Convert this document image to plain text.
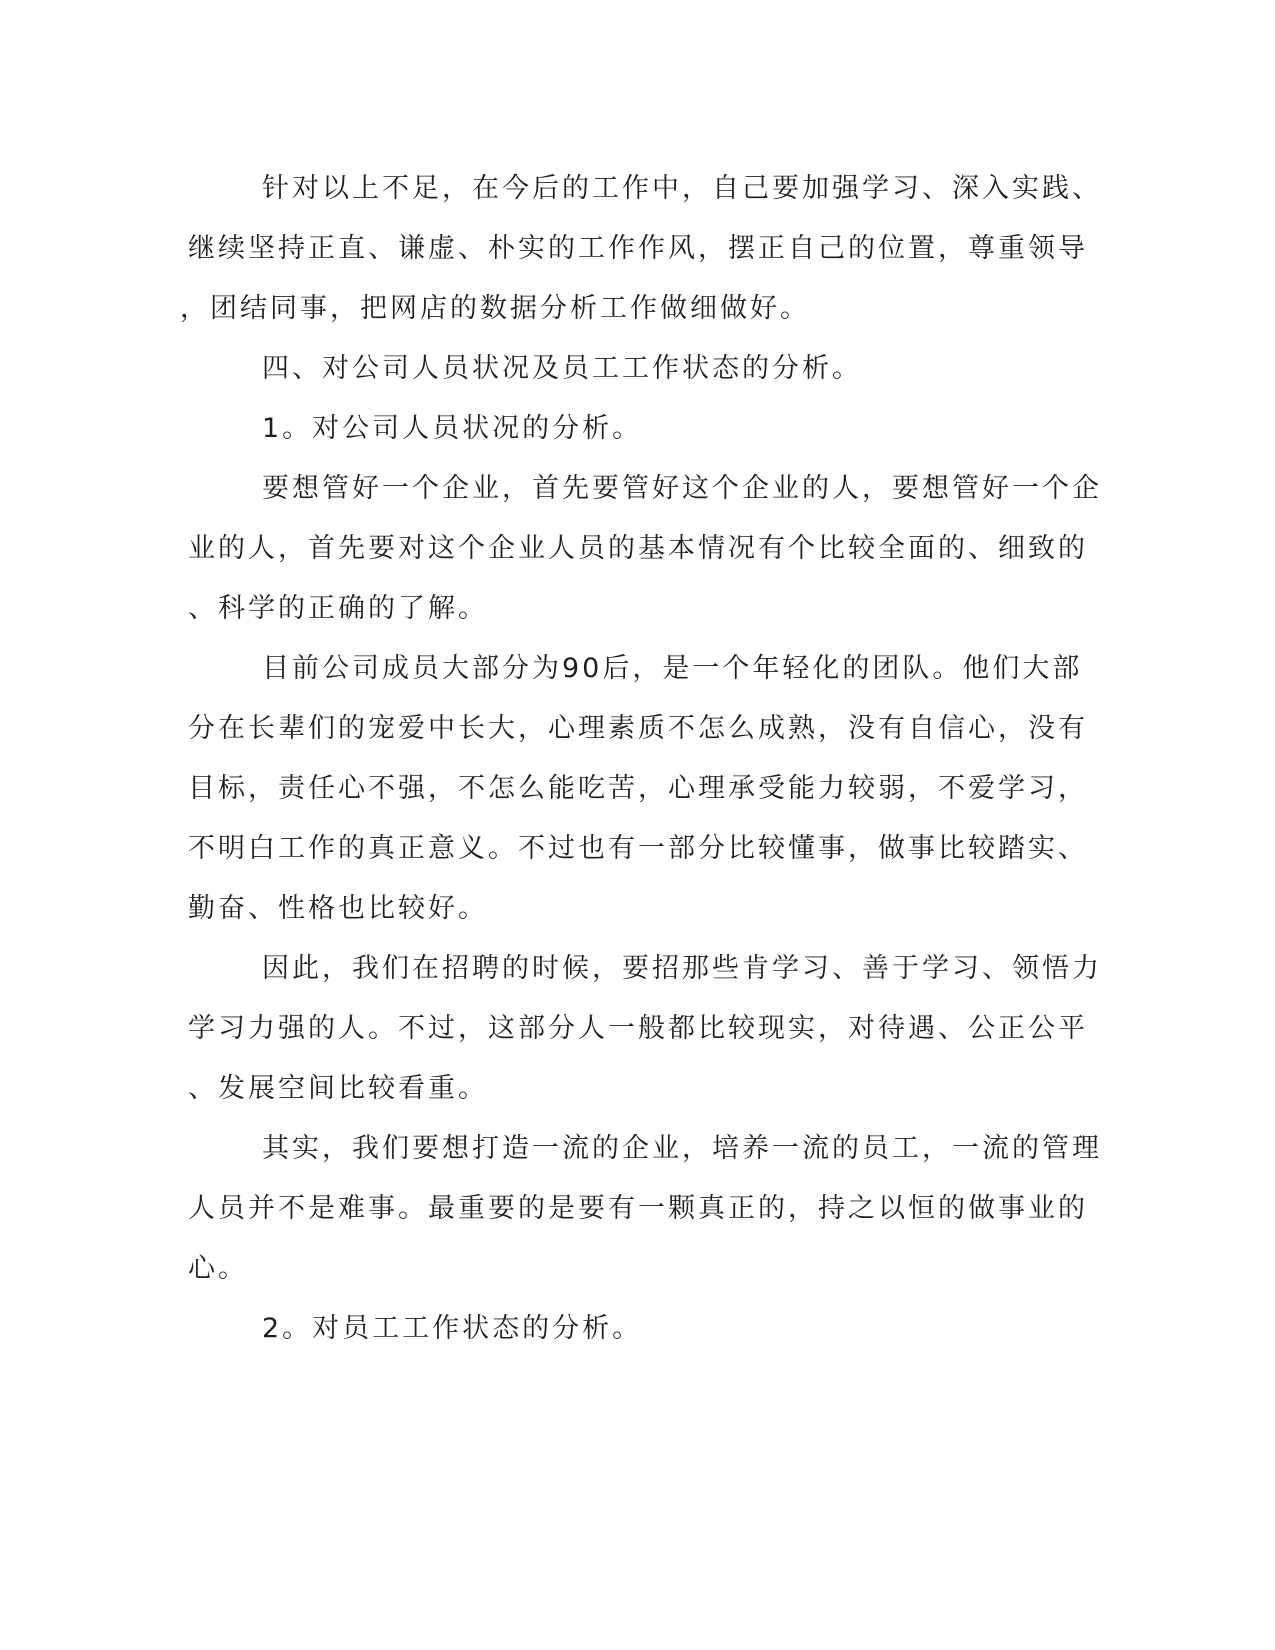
针对以上不足，在今后的工作中，自己要加强学习、深入实践、
继续坚持正直、谦虚、朴实的工作作风，摆正自己的位置，尊重领导
，团结同事，把网店的数据分析工作做细做好。
四、对公司人员状况及员工工作状态的分析。
1。对公司人员状况的分析。
要想管好一个企业，首先要管好这个企业的人，要想管好一个企
业的人，首先要对这个企业人员的基本情况有个比较全面的、细致的
、科学的正确的了解。
目前公司成员大部分为90后，是一个年轻化的团队。他们大部
分在长辈们的宠爱中长大，心理素质不怎么成熟，没有自信心，没有
目标，责任心不强，不怎么能吃苦，心理承受能力较弱，不爱学习，
不明白工作的真正意义。不过也有一部分比较懂事，做事比较踏实、
勤奋、性格也比较好。
因此，我们在招聘的时候，要招那些肯学习、善于学习、领悟力
学习力强的人。不过，这部分人一般都比较现实，对待遇、公正公平
、发展空间比较看重。
其实，我们要想打造一流的企业，培养一流的员工，一流的管理
人员并不是难事。最重要的是要有一颗真正的，持之以恒的做事业的
心。
2。对员工工作状态的分析。
